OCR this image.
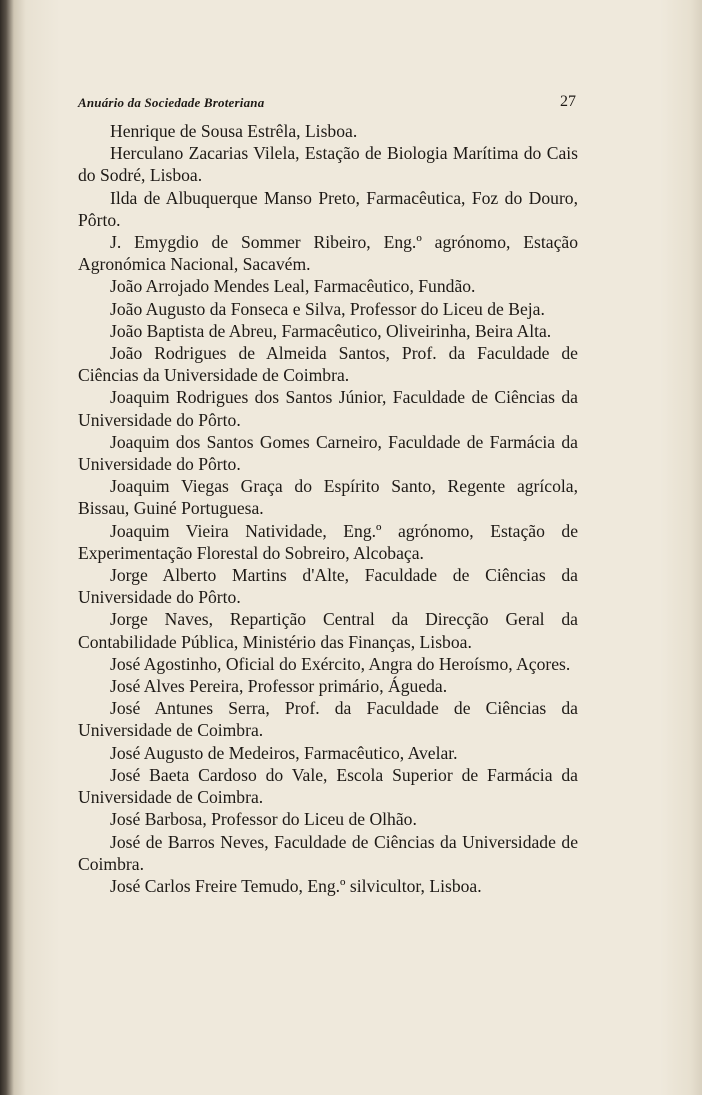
Anuário da Sociedade Broteriana	27

Henrique de Sousa Estrêla, Lisboa.

Herculano Zacarias Vilela, Estação de Biologia Marítima do Cais do Sodré, Lisboa.

Ilda de Albuquerque Manso Preto, Farmacêutica, Foz do Douro, Pôrto.

J. Emygdio de Sommer Ribeiro, Eng.º agrónomo, Estação Agronómica Nacional, Sacavém.

João Arrojado Mendes Leal, Farmacêutico, Fundão.

João Augusto da Fonseca e Silva, Professor do Liceu de Beja.

João Baptista de Abreu, Farmacêutico, Oliveirinha, Beira Alta.

João Rodrigues de Almeida Santos, Prof. da Faculdade de Ciências da Universidade de Coimbra.

Joaquim Rodrigues dos Santos Júnior, Faculdade de Ciências da Universidade do Pôrto.

Joaquim dos Santos Gomes Carneiro, Faculdade de Farmácia da Universidade do Pôrto.

Joaquim Viegas Graça do Espírito Santo, Regente agrícola, Bissau, Guiné Portuguesa.

Joaquim Vieira Natividade, Eng.º agrónomo, Estação de Experimentação Florestal do Sobreiro, Alcobaça.

Jorge Alberto Martins d'Alte, Faculdade de Ciências da Universidade do Pôrto.

Jorge Naves, Repartição Central da Direcção Geral da Contabilidade Pública, Ministério das Finanças, Lisboa.

José Agostinho, Oficial do Exército, Angra do Heroísmo, Açores.

José Alves Pereira, Professor primário, Águeda.

José Antunes Serra, Prof. da Faculdade de Ciências da Universidade de Coimbra.

José Augusto de Medeiros, Farmacêutico, Avelar.

José Baeta Cardoso do Vale, Escola Superior de Farmácia da Universidade de Coimbra.

José Barbosa, Professor do Liceu de Olhão.

José de Barros Neves, Faculdade de Ciências da Universidade de Coimbra.

José Carlos Freire Temudo, Eng.º silvicultor, Lisboa.
